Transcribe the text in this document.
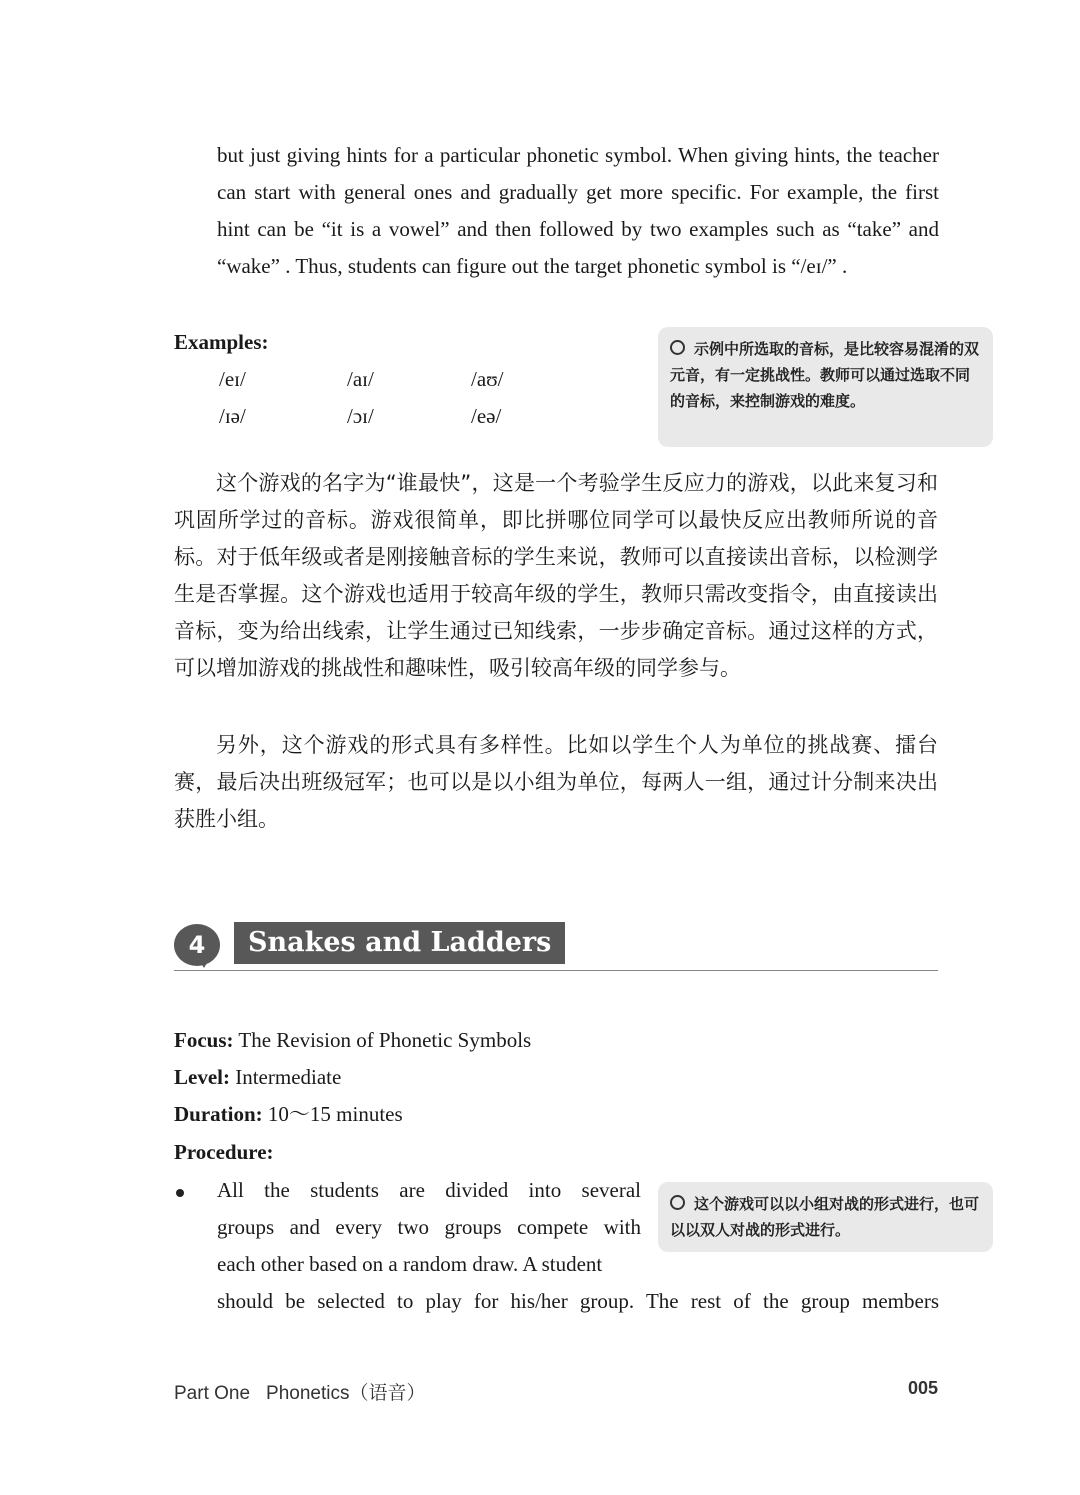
but just giving hints for a particular phonetic symbol. When giving hints, the teacher can start with general ones and gradually get more specific. For example, the first hint can be “it is a vowel” and then followed by two examples such as “take” and “wake” . Thus, students can figure out the target phonetic symbol is “/eɪ/” .

Examples:
/eɪ/	/aɪ/	/aʊ/
/ɪə/	/ɔɪ/	/eə/
示例中所选取的音标，是比较容易混淆的双元音，有一定挑战性。教师可以通过选取不同的音标，来控制游戏的难度。

这个游戏的名字为“谁最快”，这是一个考验学生反应力的游戏，以此来复习和巩固所学过的音标。游戏很简单，即比拼哪位同学可以最快反应出教师所说的音标。对于低年级或者是刚接触音标的学生来说，教师可以直接读出音标，以检测学生是否掌握。这个游戏也适用于较高年级的学生，教师只需改变指令，由直接读出音标，变为给出线索，让学生通过已知线索，一步步确定音标。通过这样的方式，可以增加游戏的挑战性和趣味性，吸引较高年级的同学参与。

另外，这个游戏的形式具有多样性。比如以学生个人为单位的挑战赛、擂台赛，最后决出班级冠军；也可以是以小组为单位，每两人一组，通过计分制来决出获胜小组。

4	Snakes and Ladders
Focus: The Revision of Phonetic Symbols
Level: Intermediate
Duration: 10～15 minutes
Procedure:
All the students are divided into several
groups and every two groups compete with
each other based on a random draw. A student
should be selected to play for his/her group. The rest of the group members
这个游戏可以以小组对战的形式进行，也可以以双人对战的形式进行。
Part One Phonetics（语音）	005
